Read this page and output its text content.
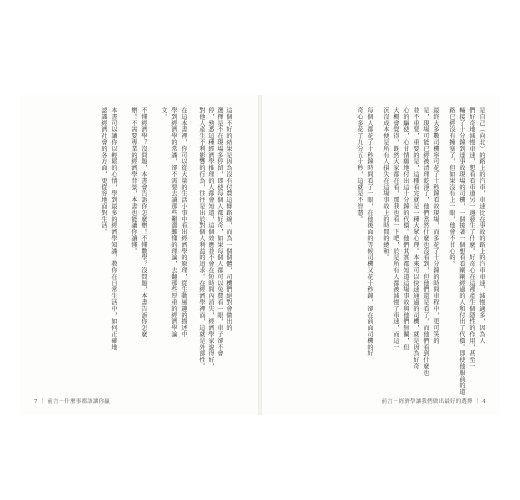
這個不好的結果是因為沒有付費這條路線，而為一個個體，司機們絕對會做出的
選擇是不在現場多停留，即使每個人都好奇，如果每個人都可以免費看一眼，車子卻不會
停，熟悉這種經濟學推理的人都會知道，這個效應並不會在短時間內消失，經濟學家說得好，
對他人產生不利影響的行為，往往是出於對個人利益的追求。在經濟學裡面，這就是外部性。
在這本書裡，你可以從大量的生活小事中看出經濟學的原理，從生動風趣的描述中
學到經濟學的常識，卻不需要去讀那些艱澀難懂的理論，去翻那些厚重的經濟學論
文。
不懂經濟學？沒問題，本書會告訴你怎麼辦！不懂數學？沒問題，本書告訴你怎麼
辦！不需要專業的經濟學背景，本書也能讓你讀懂。
本書可以讓你以輕鬆的心情，學到最多的經濟學知識，教你在日常生活中，如何正確地
認識經濟社會的各方面，更從容地面對生活。
7 ｜ 前言－什麼事都該讓你贏
是自己（向北）的路上的汽車，車速比在事故的路上的汽車車速，減慢適多，因為人
們好奇地減慢車速，想看看車道另一邊發生了什麼。好奇心在這裡產生個隱性的作用，甚至一
輛接了十分鐘到達事故現場的司機，一個接著一個想看看剛剛經過的人和付出了代價。即使他服前的道
路已經沒有擁塞了，但如果沒有上一眼，他會不甘心的。
最終大多數司機寧可花了十秒鐘看故現場，而多花了十分鐘的時間車程中，更可笑的
是，現場可能已經被清理乾淨了，他們當然什麼也沒看到，但他們還是看了，而他們看到什麼也
並不重要，重要的是，這種看完就是一種大眾心理。本來可以快速通過的司機，就是因為好奇
心的驅使，心甘情願地付出這十分鐘的代價。他們其實都知道這場事故與他們無關，但
大概會覺得，既然大家都在看，那我也看一下吧，於是所有人都被減慢了車速，而這一
沉沒成本便是所有人損失在這場事故上的時間的總和。
每個人都花了十秒鐘時間看了一眼，在他後面的等候司機又花十秒鐘，卻在前面司機的好
奇心多花了九分五十秒，這就是不智慧。
前言－經濟學讓我們做出最好的選擇 ｜ 4
